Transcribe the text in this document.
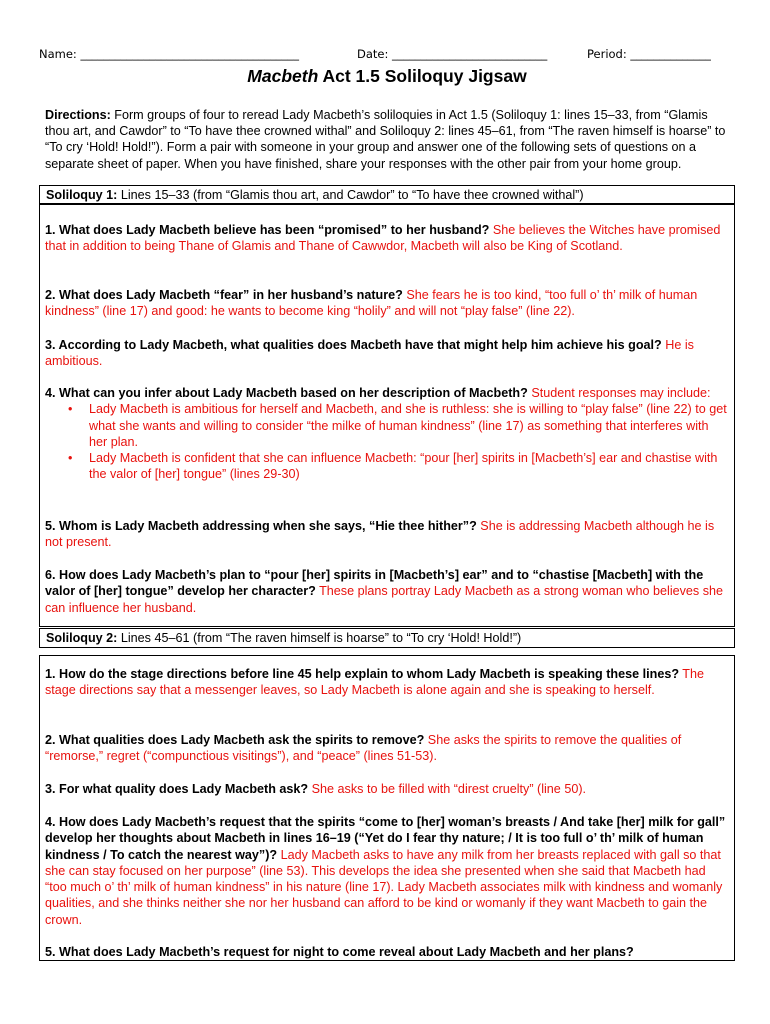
Name: ______________________________________	Date: ___________________________	Period: ______________
Macbeth Act 1.5 Soliloquy Jigsaw
Directions: Form groups of four to reread Lady Macbeth’s soliloquies in Act 1.5 (Soliloquy 1: lines 15–33, from “Glamis thou art, and Cawdor” to “To have thee crowned withal” and Soliloquy 2: lines 45–61, from “The raven himself is hoarse” to “To cry ‘Hold! Hold!”). Form a pair with someone in your group and answer one of the following sets of questions on a separate sheet of paper. When you have finished, share your responses with the other pair from your home group.
Soliloquy 1: Lines 15–33 (from “Glamis thou art, and Cawdor” to “To have thee crowned withal”)
1. What does Lady Macbeth believe has been “promised” to her husband? She believes the Witches have promised that in addition to being Thane of Glamis and Thane of Cawwdor, Macbeth will also be King of Scotland.
2. What does Lady Macbeth “fear” in her husband’s nature? She fears he is too kind, “too full o’ th’ milk of human kindness” (line 17) and good: he wants to become king “holily” and will not “play false” (line 22).
3. According to Lady Macbeth, what qualities does Macbeth have that might help him achieve his goal? He is ambitious.
4. What can you infer about Lady Macbeth based on her description of Macbeth? Student responses may include:
• Lady Macbeth is ambitious for herself and Macbeth, and she is ruthless: she is willing to “play false” (line 22) to get what she wants and willing to consider “the milke of human kindness” (line 17) as something that interferes with her plan.
• Lady Macbeth is confident that she can influence Macbeth: “pour [her] spirits in [Macbeth’s] ear and chastise with the valor of [her] tongue” (lines 29-30)
5. Whom is Lady Macbeth addressing when she says, “Hie thee hither”? She is addressing Macbeth although he is not present.
6. How does Lady Macbeth’s plan to “pour [her] spirits in [Macbeth’s] ear” and to “chastise [Macbeth] with the valor of [her] tongue” develop her character? These plans portray Lady Macbeth as a strong woman who believes she can influence her husband.
Soliloquy 2: Lines 45–61 (from “The raven himself is hoarse” to “To cry ‘Hold! Hold!”)
1. How do the stage directions before line 45 help explain to whom Lady Macbeth is speaking these lines? The stage directions say that a messenger leaves, so Lady Macbeth is alone again and she is speaking to herself.
2. What qualities does Lady Macbeth ask the spirits to remove? She asks the spirits to remove the qualities of “remorse,” regret (“compunctious visitings”), and “peace” (lines 51-53).
3. For what quality does Lady Macbeth ask? She asks to be filled with “direst cruelty” (line 50).
4. How does Lady Macbeth’s request that the spirits “come to [her] woman’s breasts / And take [her] milk for gall” develop her thoughts about Macbeth in lines 16–19 (“Yet do I fear thy nature; / It is too full o’ th’ milk of human kindness / To catch the nearest way”)? Lady Macbeth asks to have any milk from her breasts replaced with gall so that she can stay focused on her purpose” (line 53). This develops the idea she presented when she said that Macbeth had “too much o’ th’ milk of human kindness” in his nature (line 17). Lady Macbeth associates milk with kindness and womanly qualities, and she thinks neither she nor her husband can afford to be kind or womanly if they want Macbeth to gain the crown.
5. What does Lady Macbeth’s request for night to come reveal about Lady Macbeth and her plans?
